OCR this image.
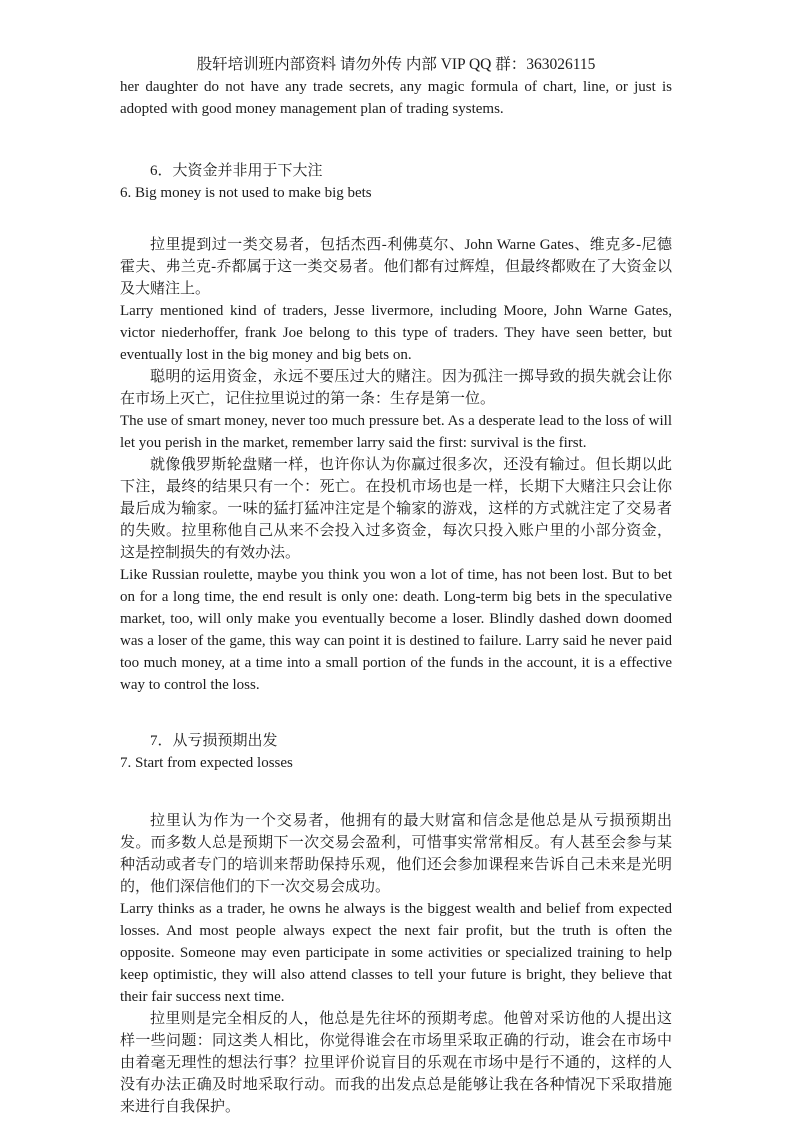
股轩培训班内部资料 请勿外传 内部 VIP QQ 群：363026115

her daughter do not have any trade secrets, any magic formula of chart, line, or just is adopted with good money management plan of trading systems.

6．大资金并非用于下大注

6. Big money is not used to make big bets

拉里提到过一类交易者，包括杰西-利佛莫尔、John Warne Gates、维克多-尼德霍夫、弗兰克-乔都属于这一类交易者。他们都有过辉煌，但最终都败在了大资金以及大赌注上。

Larry mentioned kind of traders, Jesse livermore, including Moore, John Warne Gates, victor niederhoffer, frank Joe belong to this type of traders. They have seen better, but eventually lost in the big money and big bets on.

聪明的运用资金，永远不要压过大的赌注。因为孤注一掷导致的损失就会让你在市场上灭亡，记住拉里说过的第一条：生存是第一位。

The use of smart money, never too much pressure bet. As a desperate lead to the loss of will let you perish in the market, remember larry said the first: survival is the first.

就像俄罗斯轮盘赌一样，也许你认为你赢过很多次，还没有输过。但长期以此下注，最终的结果只有一个：死亡。在投机市场也是一样，长期下大赌注只会让你最后成为输家。一味的猛打猛冲注定是个输家的游戏，这样的方式就注定了交易者的失败。拉里称他自己从来不会投入过多资金，每次只投入账户里的小部分资金，这是控制损失的有效办法。

Like Russian roulette, maybe you think you won a lot of time, has not been lost. But to bet on for a long time, the end result is only one: death. Long-term big bets in the speculative market, too, will only make you eventually become a loser. Blindly dashed down doomed was a loser of the game, this way can point it is destined to failure. Larry said he never paid too much money, at a time into a small portion of the funds in the account, it is a effective way to control the loss.

7．从亏损预期出发

7. Start from expected losses

拉里认为作为一个交易者，他拥有的最大财富和信念是他总是从亏损预期出发。而多数人总是预期下一次交易会盈利，可惜事实常常相反。有人甚至会参与某种活动或者专门的培训来帮助保持乐观，他们还会参加课程来告诉自己未来是光明的，他们深信他们的下一次交易会成功。

Larry thinks as a trader, he owns he always is the biggest wealth and belief from expected losses. And most people always expect the next fair profit, but the truth is often the opposite. Someone may even participate in some activities or specialized training to help keep optimistic, they will also attend classes to tell your future is bright, they believe that their fair success next time.

拉里则是完全相反的人，他总是先往坏的预期考虑。他曾对采访他的人提出这样一些问题：同这类人相比，你觉得谁会在市场里采取正确的行动，谁会在市场中由着毫无理性的想法行事？拉里评价说盲目的乐观在市场中是行不通的，这样的人没有办法正确及时地采取行动。而我的出发点总是能够让我在各种情况下采取措施来进行自我保护。
